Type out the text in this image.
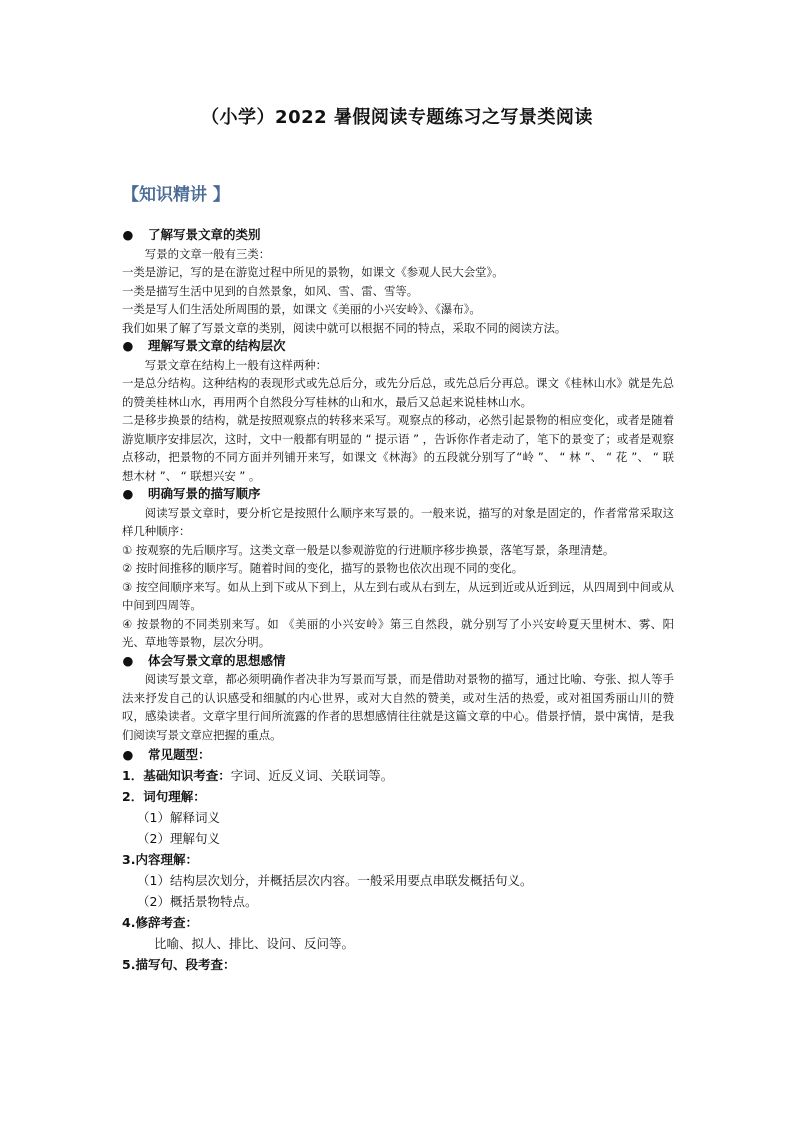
（小学）2022 暑假阅读专题练习之写景类阅读
【知识精讲 】

● 了解写景文章的类别

写景的文章一般有三类：

一类是游记，写的是在游览过程中所见的景物，如课文《参观人民大会堂》。

一类是描写生活中见到的自然景象，如风、雪、雷、雪等。

一类是写人们生活处所周围的景，如课文《美丽的小兴安岭》、《瀑布》。

我们如果了解了写景文章的类别，阅读中就可以根据不同的特点，采取不同的阅读方法。

● 理解写景文章的结构层次

写景文章在结构上一般有这样两种：

一是总分结构。这种结构的表现形式或先总后分，或先分后总，或先总后分再总。课文《桂林山水》就是先总的赞美桂林山水，再用两个自然段分写桂林的山和水，最后又总起来说桂林山水。

二是移步换景的结构，就是按照观察点的转移来采写。观察点的移动，必然引起景物的相应变化，或者是随着游览顺序安排层次，这时，文中一般都有明显的 “ 提示语 ” ，告诉你作者走动了，笔下的景变了；或者是观察点移动，把景物的不同方面并列铺开来写，如课文《林海》的五段就分别写了“岭 ”、 “ 林 ”、 “ 花 ”、 “ 联想木材 ”、 “ 联想兴安 ” 。

● 明确写景的描写顺序

阅读写景文章时，要分析它是按照什么顺序来写景的。一般来说，描写的对象是固定的，作者常常采取这样几种顺序：

① 按观察的先后顺序写。这类文章一般是以参观游览的行进顺序移步换景，落笔写景，条理清楚。

② 按时间推移的顺序写。随着时间的变化，描写的景物也依次出现不同的变化。

③ 按空间顺序来写。如从上到下或从下到上，从左到右或从右到左，从远到近或从近到远，从四周到中间或从中间到四周等。

④ 按景物的不同类别来写。如 《美丽的小兴安岭》第三自然段，就分别写了小兴安岭夏天里树木、雾、阳光、草地等景物，层次分明。

● 体会写景文章的思想感情

阅读写景文章，都必须明确作者决非为写景而写景，而是借助对景物的描写，通过比喻、夸张、拟人等手法来抒发自己的认识感受和细腻的内心世界，或对大自然的赞美，或对生活的热爱，或对祖国秀丽山川的赞叹，感染读者。文章字里行间所流露的作者的思想感情往往就是这篇文章的中心。借景抒情，景中寓情，是我们阅读写景文章应把握的重点。

● 常见题型：

1．基础知识考查：字词、近反义词、关联词等。

2．词句理解：

（1）解释词义

（2）理解句义

3.内容理解：

（1）结构层次划分，并概括层次内容。一般采用要点串联发概括句义。

（2）概括景物特点。

4.修辞考查：

比喻、拟人、排比、设问、反问等。

5.描写句、段考查：
